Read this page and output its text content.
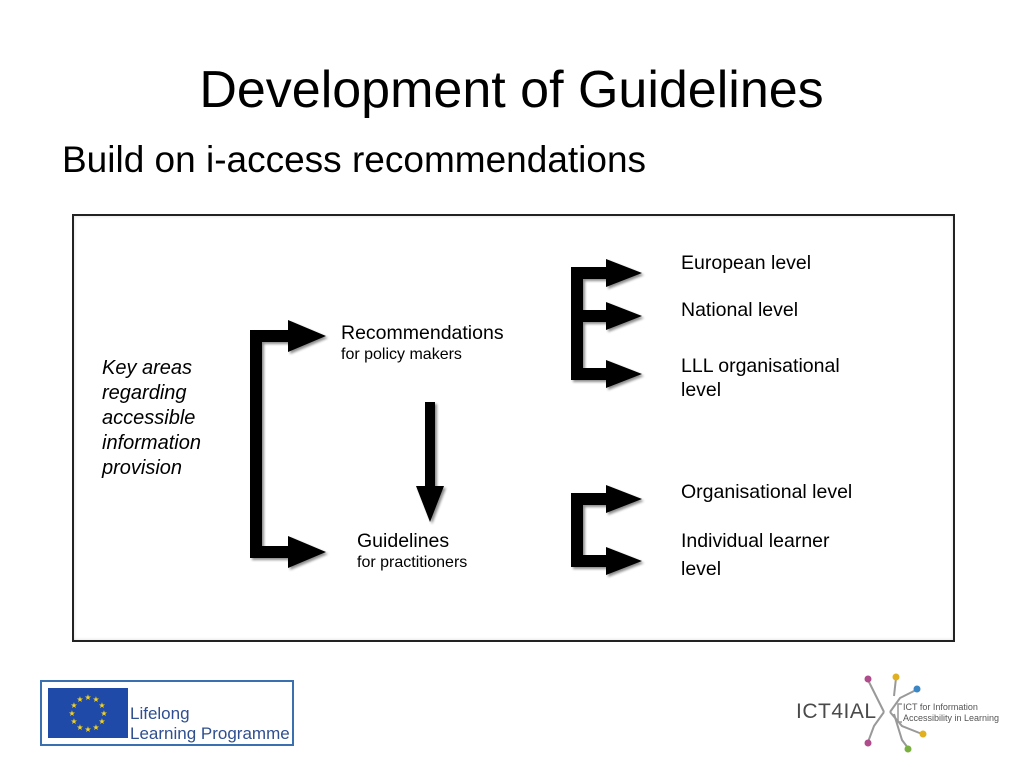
Development of Guidelines
Build on i-access recommendations
Key areas
regarding
accessible
information
provision
Recommendations
for policy makers
Guidelines
for practitioners
European level
National level
LLL organisational
level
Organisational level
Individual learner
level
★ ★
★
★
★
★
★
★
★
★
★
★
Lifelong
Learning Programme
ICT4IAL	ICT for Information
Accessibility in Learning
